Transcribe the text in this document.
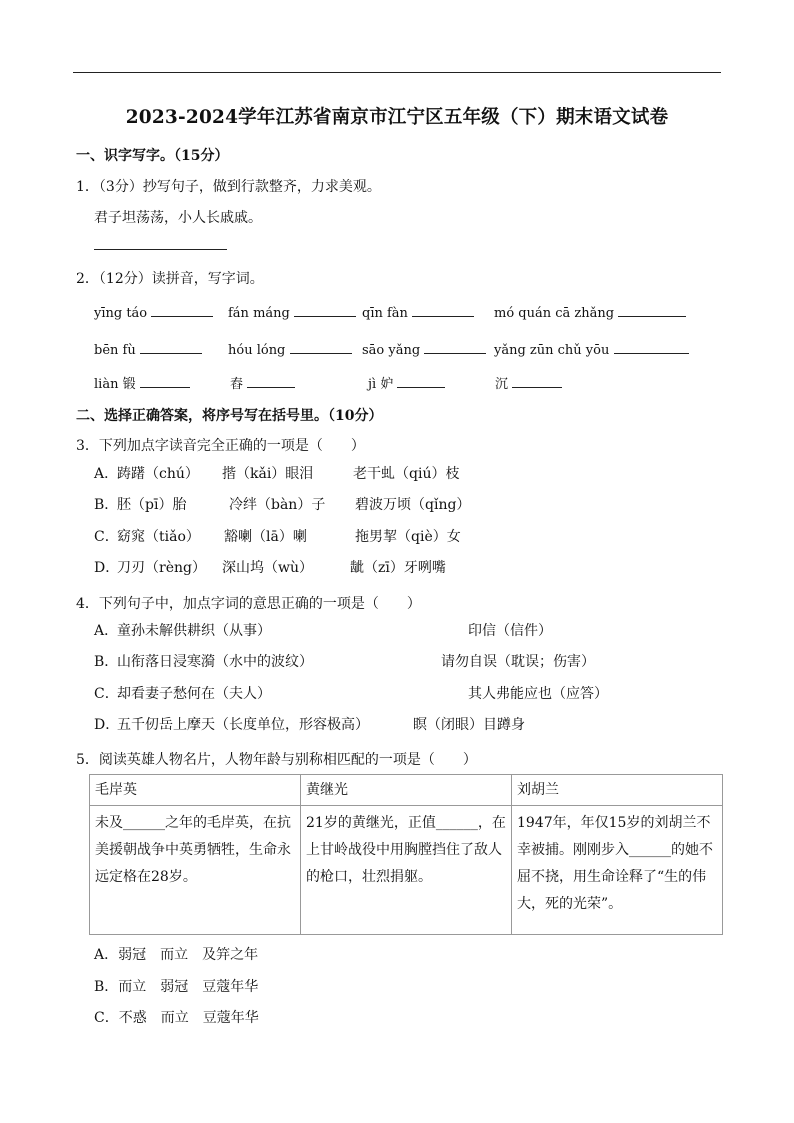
2023-2024学年江苏省南京市江宁区五年级（下）期末语文试卷
一、识字写字。（15分）
1．（3分）抄写句子，做到行款整齐，力求美观。
君子坦荡荡，小人长戚戚。
2．（12分）读拼音，写字词。
yīng táo	fán máng	qīn fàn	mó quán cā zhǎng
bēn fù	hóu lóng	sāo yǎng	yǎng zūn chǔ yōu
liàn 锻	舂	jì 妒	沉
二、选择正确答案，将序号写在括号里。（10分）
3．下列加点字读音完全正确的一项是（　　）
A．
踌躇（chú） 揩（kǎi）眼泪	老干虬（qiú）枝
B．
胚（pī）胎	冷绊（bàn）子 碧波万顷（qǐng）
C．
窈窕（tiǎo） 豁喇（lā）喇	拖男挈（qiè）女
D．
刀刃（rèng） 深山坞（wù）	龇（zī）牙咧嘴
4．下列句子中，加点字词的意思正确的一项是（　　）
A．
童孙未解供耕织（从事）	印信（信件）
B．
山衔落日浸寒漪（水中的波纹）	请勿自误（耽误；伤害）
C．
却看妻子愁何在（夫人）	其人弗能应也（应答）
D．
五千仞岳上摩天（长度单位，形容极高）	瞑（闭眼）目蹲身
5．阅读英雄人物名片，人物年龄与别称相匹配的一项是（　　）
毛岸英	黄继光	刘胡兰
未及______之年的毛岸英，在抗美援朝战争中英勇牺牲，生命永远定格在28岁。	21岁的黄继光，正值______，在上甘岭战役中用胸膛挡住了敌人的枪口，壮烈捐躯。	1947年，年仅15岁的刘胡兰不幸被捕。刚刚步入______的她不屈不挠，用生命诠释了“生的伟大，死的光荣”。
A．弱冠　而立　及笄之年
B．而立　弱冠　豆蔻年华
C．不惑　而立　豆蔻年华
